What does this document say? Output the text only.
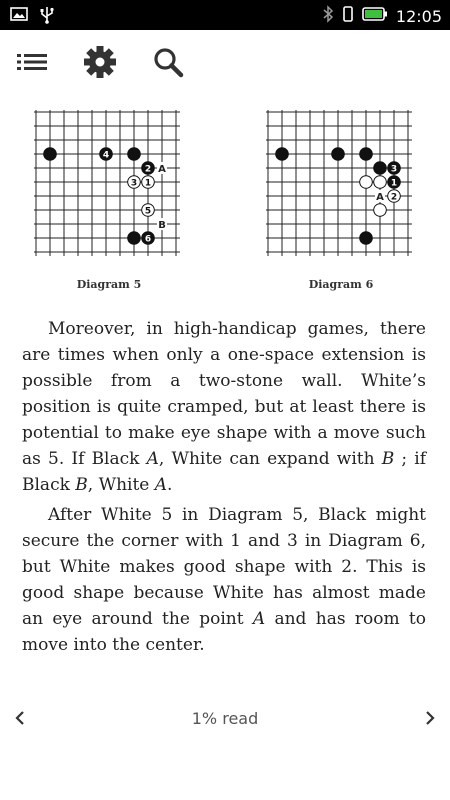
12:05
A
B
4
2
3 1
5
6
Diagram 5
A
3
1
2
Diagram 6

Moreover, in high-handicap games, there are times when only a one-space extension is possible from a two-stone wall. White’s position is quite cramped, but at least there is potential to make eye shape with a move such as 5. If Black A, White can expand with B ; if Black B, White A.

After White 5 in Diagram 5, Black might secure the corner with 1 and 3 in Diagram 6, but White makes good shape with 2. This is good shape because White has almost made an eye around the point A and has room to move into the center.

1% read
